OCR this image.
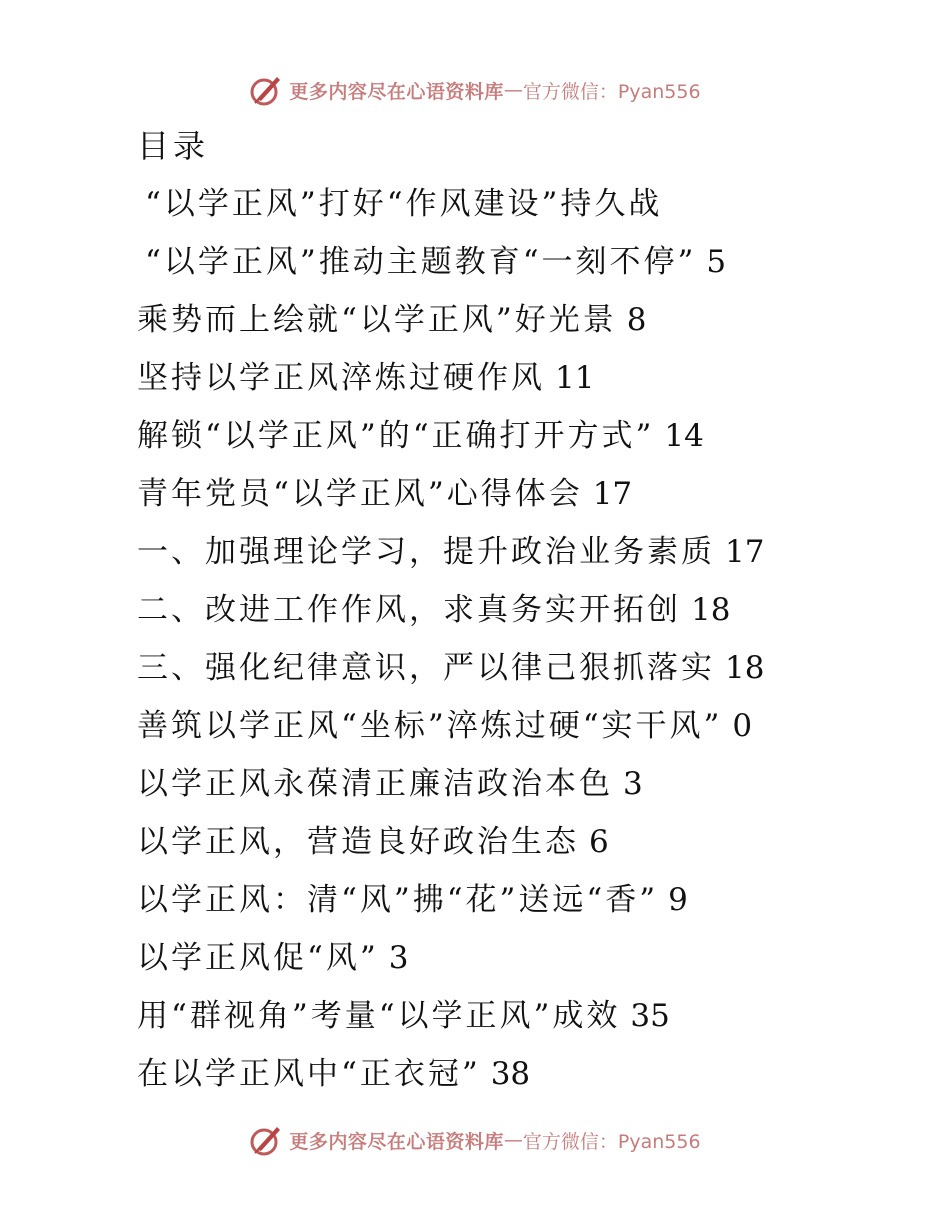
更多内容尽在心语资料库 — 官方微信：Pyan556
目录
“以学正风”打好“作风建设”持久战
“以学正风”推动主题教育“一刻不停” 5
乘势而上绘就“以学正风”好光景 8
坚持以学正风淬炼过硬作风 11
解锁“以学正风”的“正确打开方式” 14
青年党员“以学正风”心得体会 17
一、加强理论学习，提升政治业务素质 17
二、改进工作作风，求真务实开拓创 18
三、强化纪律意识，严以律己狠抓落实 18
善筑以学正风“坐标”淬炼过硬“实干风” 0
以学正风永葆清正廉洁政治本色 3
以学正风，营造良好政治生态 6
以学正风：清“风”拂“花”送远“香” 9
以学正风促“风” 3
用“群视角”考量“以学正风”成效 35
在以学正风中“正衣冠” 38
更多内容尽在心语资料库 — 官方微信：Pyan556
